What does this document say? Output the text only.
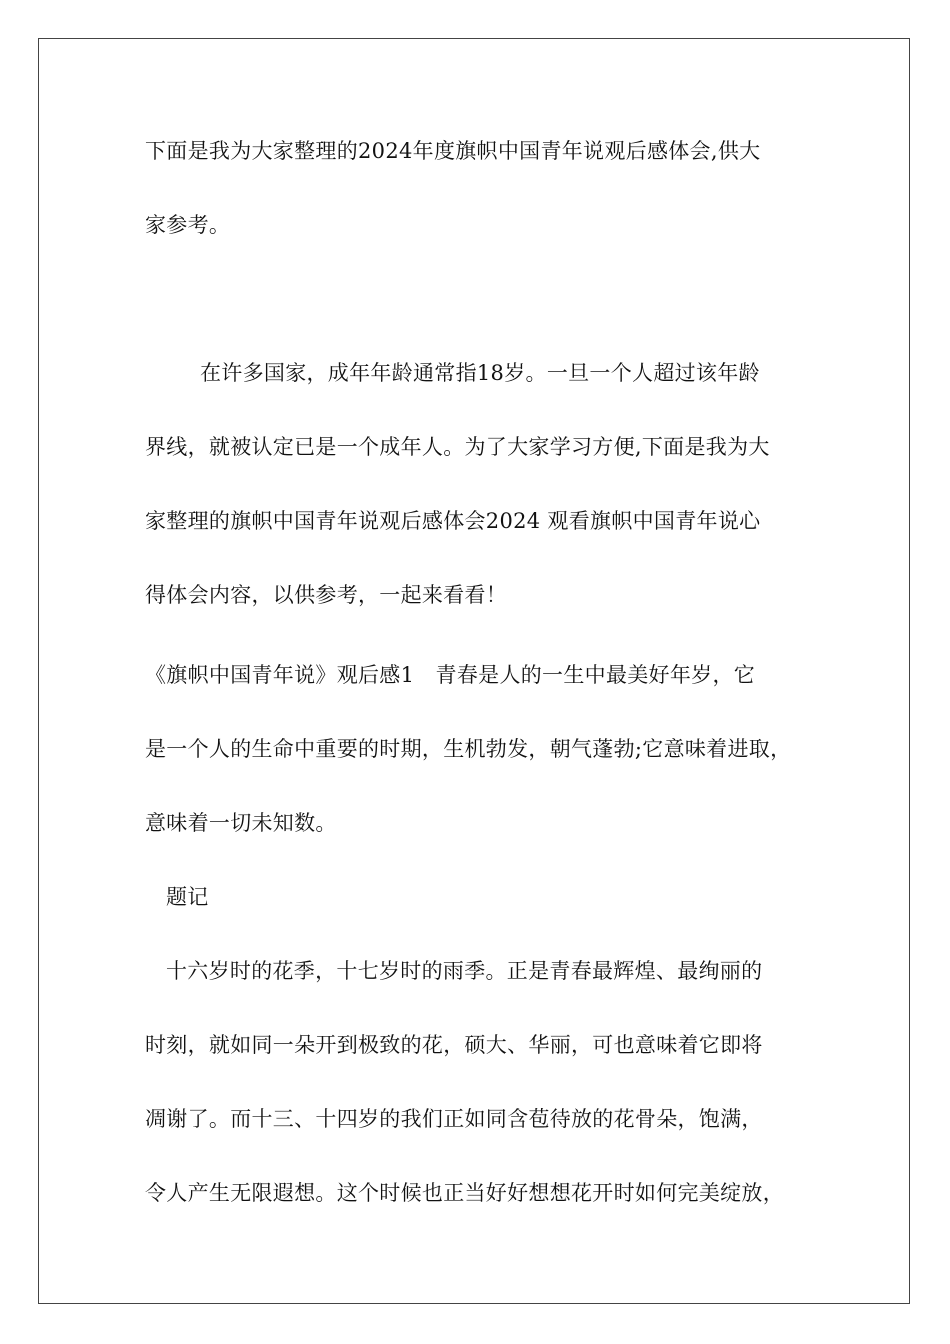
下面是我为大家整理的2024年度旗帜中国青年说观后感体会,供大
家参考。
在许多国家，成年年龄通常指18岁。一旦一个人超过该年龄
界线，就被认定已是一个成年人。为了大家学习方便,下面是我为大
家整理的旗帜中国青年说观后感体会2024 观看旗帜中国青年说心
得体会内容，以供参考，一起来看看！
《旗帜中国青年说》观后感1　青春是人的一生中最美好年岁，它
是一个人的生命中重要的时期，生机勃发，朝气蓬勃;它意味着进取，
意味着一切未知数。
题记
十六岁时的花季，十七岁时的雨季。正是青春最辉煌、最绚丽的
时刻，就如同一朵开到极致的花，硕大、华丽，可也意味着它即将
凋谢了。而十三、十四岁的我们正如同含苞待放的花骨朵，饱满，
令人产生无限遐想。这个时候也正当好好想想花开时如何完美绽放，
